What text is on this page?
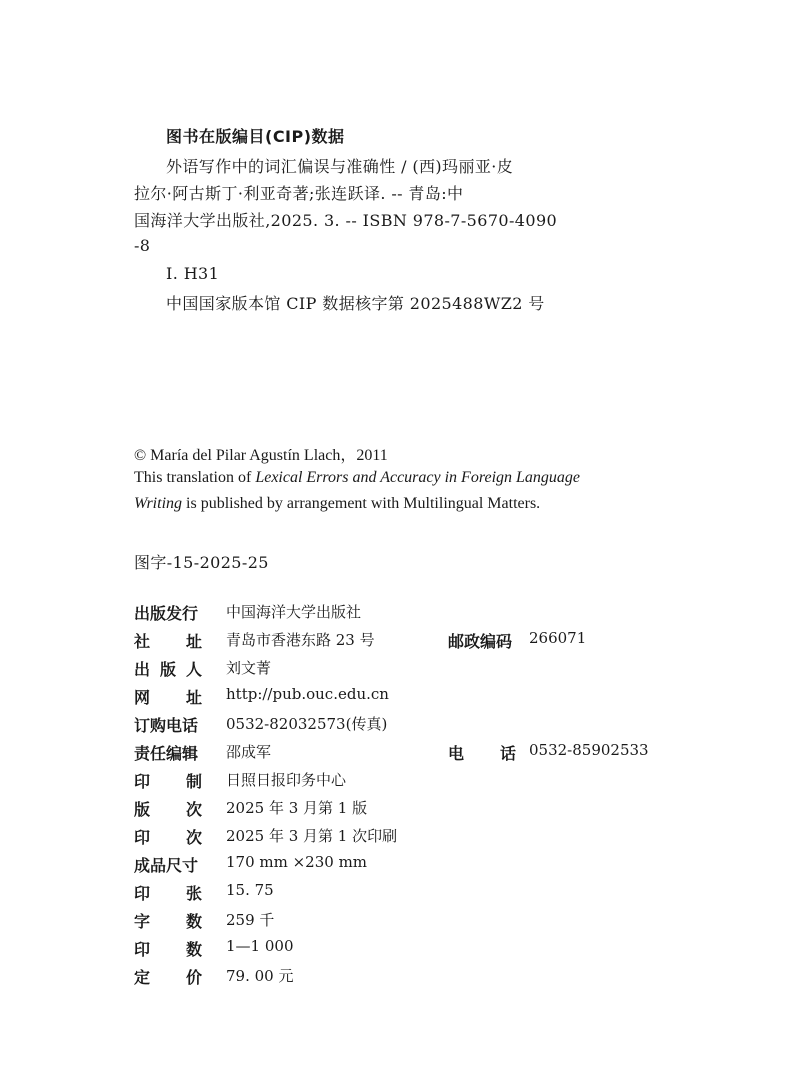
图书在版编目(CIP)数据
外语写作中的词汇偏误与准确性 / (西)玛丽亚·皮
拉尔·阿古斯丁·利亚奇著;张连跃译. -- 青岛:中
国海洋大学出版社,2025. 3. -- ISBN 978-7-5670-4090
-8
Ⅰ. H31
中国国家版本馆 CIP 数据核字第 2025488WZ2 号
© María del Pilar Agustín Llach，2011
This translation of Lexical Errors and Accuracy in Foreign Language
Writing is published by arrangement with Multilingual Matters.
图字-15-2025-25
出版发行 中国海洋大学出版社
社 址 青岛市香港东路 23 号	邮政编码 266071
出 版 人 刘文菁
网 址 http://pub.ouc.edu.cn
订购电话 0532-82032573(传真)
责任编辑 邵成军	电 话 0532-85902533
印 制 日照日报印务中心
版 次 2025 年 3 月第 1 版
印 次 2025 年 3 月第 1 次印刷
成品尺寸 170 mm ×230 mm
印 张 15. 75
字 数 259 千
印 数 1—1 000
定 价 79. 00 元
